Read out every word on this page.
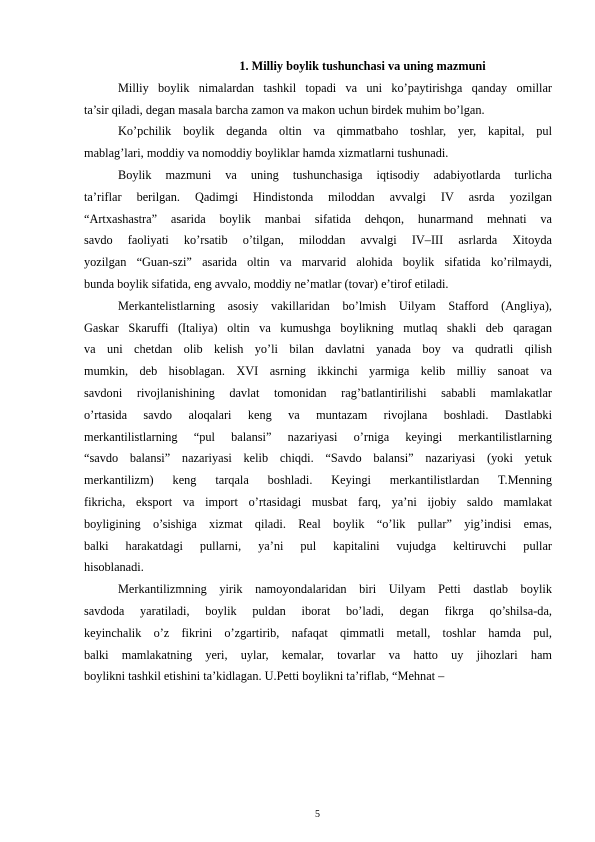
1. Milliy boylik tushunchasi va uning mazmuni

Milliy boylik nimalardan tashkil topadi va uni ko’paytirishga qanday omillar
ta’sir qiladi, degan masala barcha zamon va makon uchun birdek muhim bo’lgan.

Ko’pchilik boylik deganda oltin va qimmatbaho toshlar, yer, kapital, pul
mablag’lari, moddiy va nomoddiy boyliklar hamda xizmatlarni tushunadi.

Boylik mazmuni va uning tushunchasiga iqtisodiy adabiyotlarda turlicha
ta’riflar berilgan. Qadimgi Hindistonda miloddan avvalgi IV asrda yozilgan
“Artxashastra” asarida boylik manbai sifatida dehqon, hunarmand mehnati va
savdo faoliyati ko’rsatib o’tilgan, miloddan avvalgi IV–III asrlarda Xitoyda
yozilgan “Guan-szi” asarida oltin va marvarid alohida boylik sifatida ko’rilmaydi,
bunda boylik sifatida, eng avvalo, moddiy ne’matlar (tovar) e’tirof etiladi.

Merkantelistlarning asosiy vakillaridan bo’lmish Uilyam Stafford (Angliya),
Gaskar Skaruffi (Italiya) oltin va kumushga boylikning mutlaq shakli deb qaragan
va uni chetdan olib kelish yo’li bilan davlatni yanada boy va qudratli qilish
mumkin, deb hisoblagan. XVI asrning ikkinchi yarmiga kelib milliy sanoat va
savdoni rivojlanishining davlat tomonidan rag’batlantirilishi sababli mamlakatlar
o’rtasida savdo aloqalari keng va muntazam rivojlana boshladi. Dastlabki
merkantilistlarning “pul balansi” nazariyasi o’rniga keyingi merkantilistlarning
“savdo balansi” nazariyasi kelib chiqdi. “Savdo balansi” nazariyasi (yoki yetuk
merkantilizm) keng tarqala boshladi. Keyingi merkantilistlardan T.Menning
fikricha, eksport va import o’rtasidagi musbat farq, ya’ni ijobiy saldo mamlakat
boyligining o’sishiga xizmat qiladi. Real boylik “o’lik pullar” yig’indisi emas,
balki harakatdagi pullarni, ya’ni pul kapitalini vujudga keltiruvchi pullar
hisoblanadi.

Merkantilizmning yirik namoyondalaridan biri Uilyam Petti dastlab boylik
savdoda yaratiladi, boylik puldan iborat bo’ladi, degan fikrga qo’shilsa-da,
keyinchalik o’z fikrini o’zgartirib, nafaqat qimmatli metall, toshlar hamda pul,
balki mamlakatning yeri, uylar, kemalar, tovarlar va hatto uy jihozlari ham
boylikni tashkil etishini ta’kidlagan. U.Petti boylikni ta’riflab, “Mehnat –

5
